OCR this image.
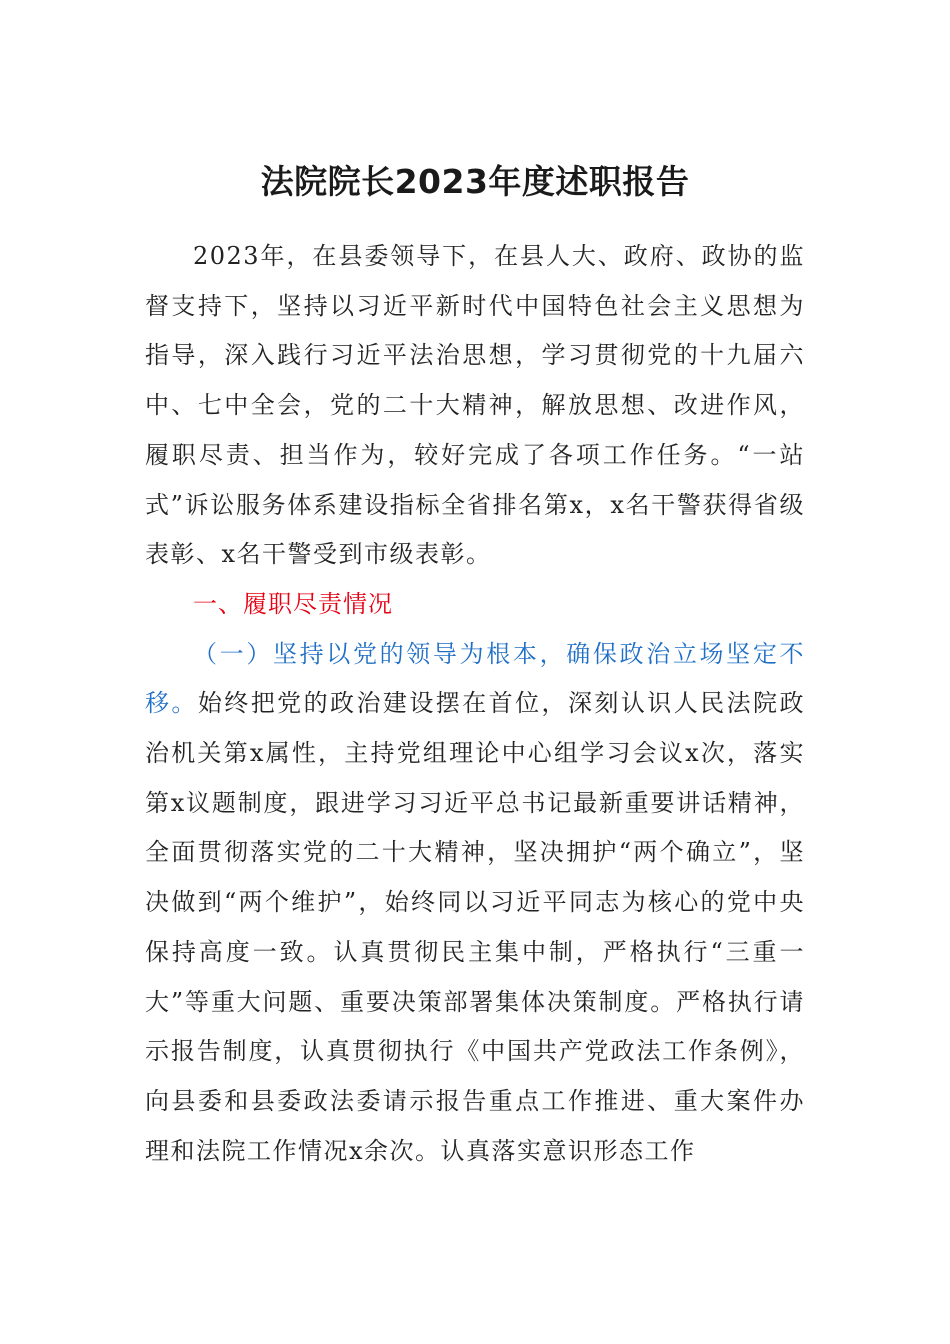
法院院长2023年度述职报告

2023年，在县委领导下，在县人大、政府、政协的监督支持下，坚持以习近平新时代中国特色社会主义思想为指导，深入践行习近平法治思想，学习贯彻党的十九届六中、七中全会，党的二十大精神，解放思想、改进作风，履职尽责、担当作为，较好完成了各项工作任务。“一站式”诉讼服务体系建设指标全省排名第x，x名干警获得省级表彰、x名干警受到市级表彰。

一、履职尽责情况

（一）坚持以党的领导为根本，确保政治立场坚定不移。始终把党的政治建设摆在首位，深刻认识人民法院政治机关第x属性，主持党组理论中心组学习会议x次，落实第x议题制度，跟进学习习近平总书记最新重要讲话精神，全面贯彻落实党的二十大精神，坚决拥护“两个确立”，坚决做到“两个维护”，始终同以习近平同志为核心的党中央保持高度一致。认真贯彻民主集中制，严格执行“三重一大”等重大问题、重要决策部署集体决策制度。严格执行请示报告制度，认真贯彻执行《中国共产党政法工作条例》，向县委和县委政法委请示报告重点工作推进、重大案件办理和法院工作情况x余次。认真落实意识形态工作
